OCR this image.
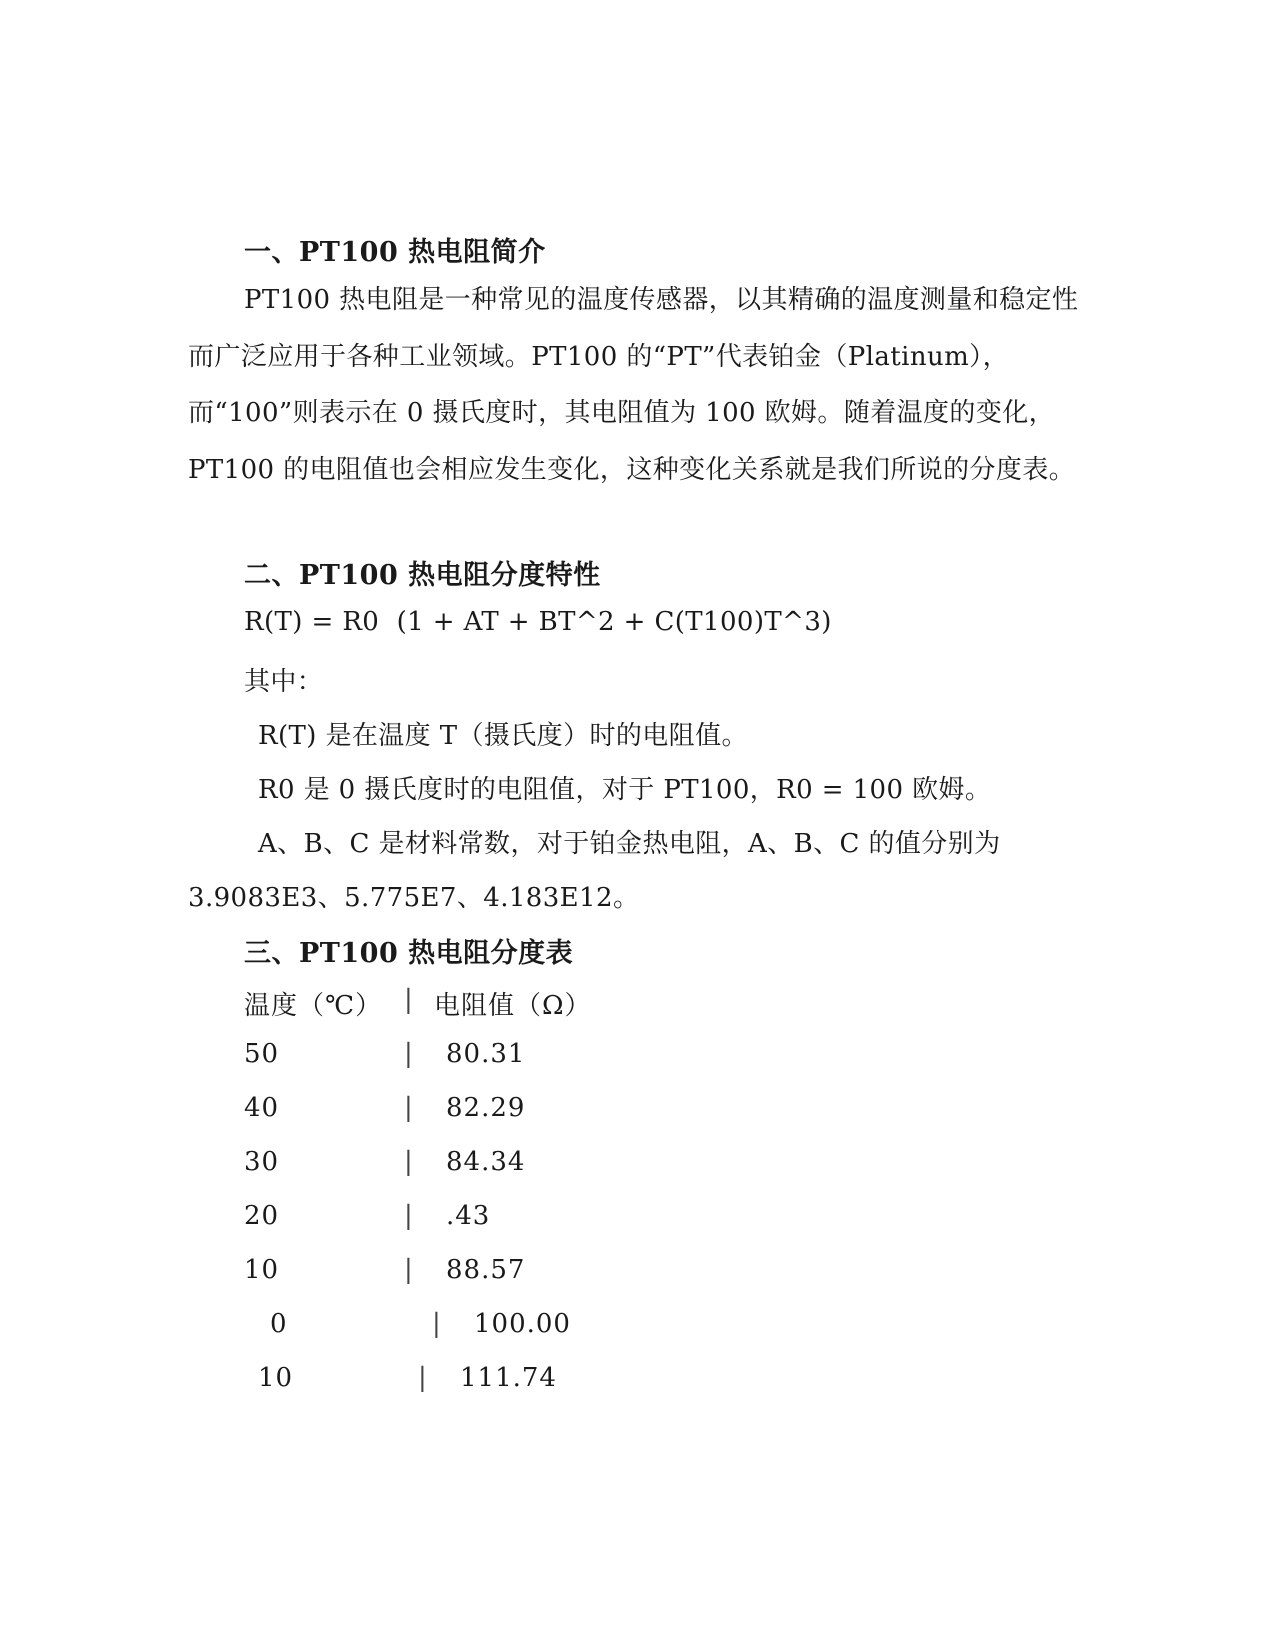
一、PT100 热电阻简介
PT100 热电阻是一种常见的温度传感器，以其精确的温度测量和稳定性而广泛应用于各种工业领域。PT100 的“PT”代表铂金（Platinum），而“100”则表示在 0 摄氏度时，其电阻值为 100 欧姆。随着温度的变化，PT100 的电阻值也会相应发生变化，这种变化关系就是我们所说的分度表。
二、PT100 热电阻分度特性
R(T) = R0  (1 + AT + BT^2 + C(T100)T^3)
其中：
R(T) 是在温度 T（摄氏度）时的电阻值。
R0 是 0 摄氏度时的电阻值，对于 PT100，R0 = 100 欧姆。
A、B、C 是材料常数，对于铂金热电阻，A、B、C 的值分别为
3.9083E3、5.775E7、4.183E12。
三、PT100 热电阻分度表
温度（℃） | 电阻值（Ω）
50	| 80.31
40	| 82.29
30	| 84.34
20	| .43
10	| 88.57
0	| 100.00
10	| 111.74
